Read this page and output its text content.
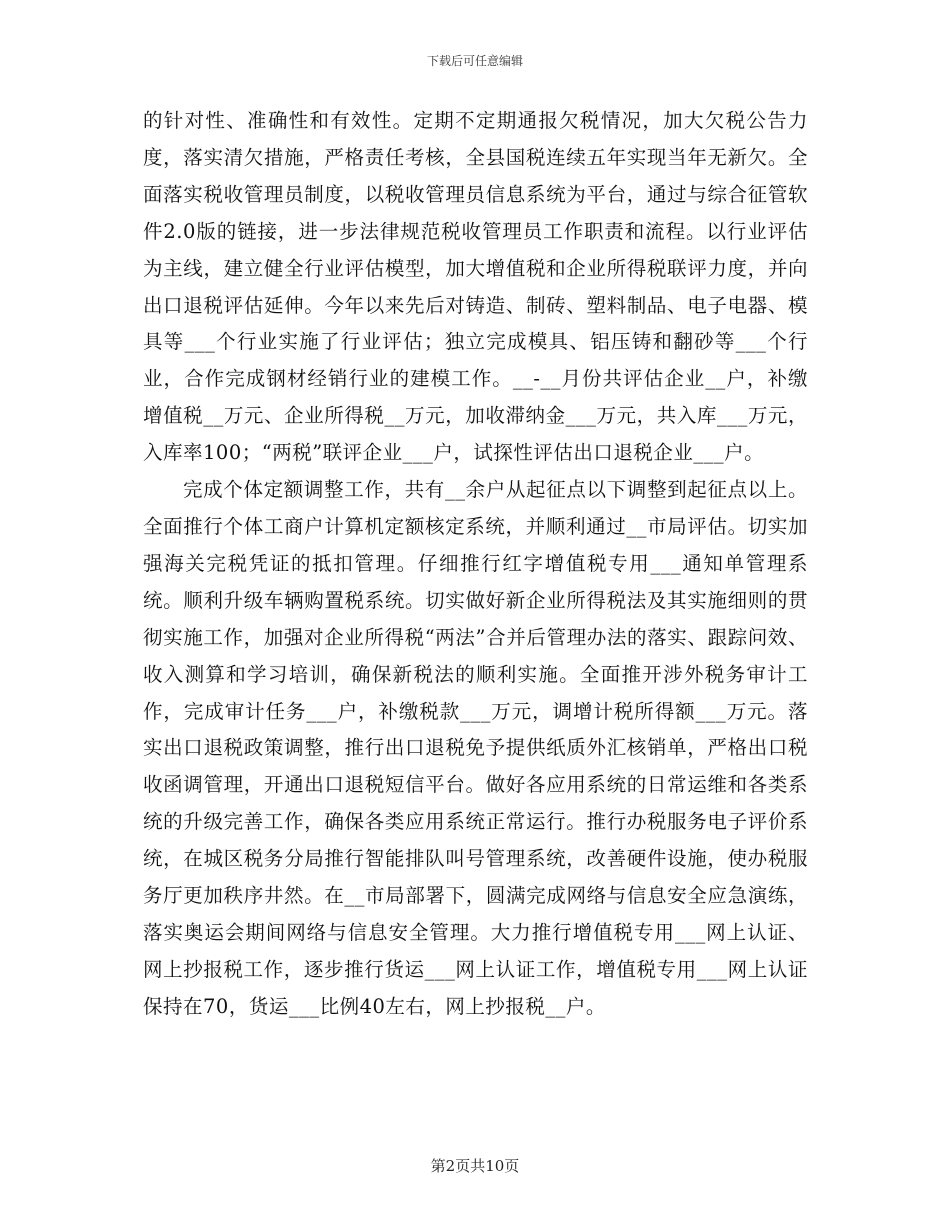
下载后可任意编辑

的针对性、准确性和有效性。定期不定期通报欠税情况，加大欠税公告力度，落实清欠措施，严格责任考核，全县国税连续五年实现当年无新欠。全面落实税收管理员制度，以税收管理员信息系统为平台，通过与综合征管软件2.0版的链接，进一步法律规范税收管理员工作职责和流程。以行业评估为主线，建立健全行业评估模型，加大增值税和企业所得税联评力度，并向出口退税评估延伸。今年以来先后对铸造、制砖、塑料制品、电子电器、模具等___个行业实施了行业评估；独立完成模具、铝压铸和翻砂等___个行业，合作完成钢材经销行业的建模工作。__-__月份共评估企业__户，补缴增值税__万元、企业所得税__万元，加收滞纳金___万元，共入库___万元，入库率100；“两税”联评企业___户，试探性评估出口退税企业___户。

完成个体定额调整工作，共有__余户从起征点以下调整到起征点以上。全面推行个体工商户计算机定额核定系统，并顺利通过__市局评估。切实加强海关完税凭证的抵扣管理。仔细推行红字增值税专用___通知单管理系统。顺利升级车辆购置税系统。切实做好新企业所得税法及其实施细则的贯彻实施工作，加强对企业所得税“两法”合并后管理办法的落实、跟踪问效、收入测算和学习培训，确保新税法的顺利实施。全面推开涉外税务审计工作，完成审计任务___户，补缴税款___万元，调增计税所得额___万元。落实出口退税政策调整，推行出口退税免予提供纸质外汇核销单，严格出口税收函调管理，开通出口退税短信平台。做好各应用系统的日常运维和各类系统的升级完善工作，确保各类应用系统正常运行。推行办税服务电子评价系统，在城区税务分局推行智能排队叫号管理系统，改善硬件设施，使办税服务厅更加秩序井然。在__市局部署下，圆满完成网络与信息安全应急演练，落实奥运会期间网络与信息安全管理。大力推行增值税专用___网上认证、网上抄报税工作，逐步推行货运___网上认证工作，增值税专用___网上认证保持在70，货运___比例40左右，网上抄报税__户。

第2页共10页
